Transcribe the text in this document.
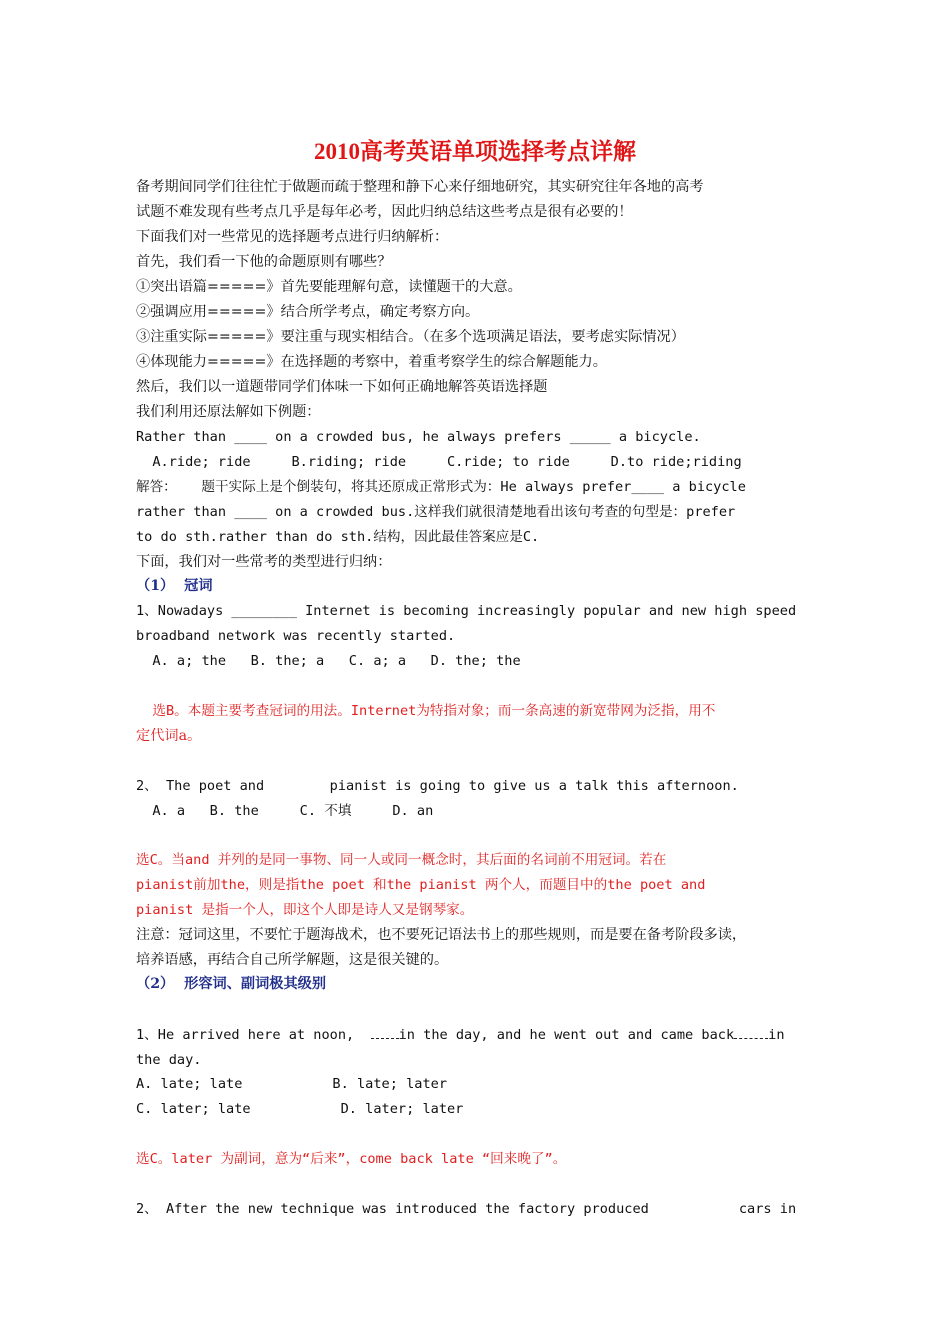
2010高考英语单项选择考点详解
备考期间同学们往往忙于做题而疏于整理和静下心来仔细地研究，其实研究往年各地的高考
试题不难发现有些考点几乎是每年必考，因此归纳总结这些考点是很有必要的！
下面我们对一些常见的选择题考点进行归纳解析：
首先，我们看一下他的命题原则有哪些？
①突出语篇=====》首先要能理解句意，读懂题干的大意。
②强调应用=====》结合所学考点，确定考察方向。
③注重实际=====》要注重与现实相结合。（在多个选项满足语法，要考虑实际情况）
④体现能力=====》在选择题的考察中，着重考察学生的综合解题能力。
然后，我们以一道题带同学们体味一下如何正确地解答英语选择题
我们利用还原法解如下例题：
Rather than ____ on a crowded bus, he always prefers _____ a bicycle.
A.ride; ride     B.riding; ride     C.ride; to ride     D.to ride;riding
解答：   题干实际上是个倒装句，将其还原成正常形式为：He always prefer____ a bicycle
rather than ____ on a crowded bus.这样我们就很清楚地看出该句考查的句型是：prefer
to do sth.rather than do sth.结构，因此最佳答案应是C.
下面，我们对一些常考的类型进行归纳：
（1）  冠词
1、Nowadays ________ Internet is becoming increasingly popular and new high speed
broadband network was recently started.
A. a; the   B. the; a   C. a; a   D. the; the
选B。本题主要考查冠词的用法。Internet为特指对象；而一条高速的新宽带网为泛指，用不
定代词a。
2、 The poet and        pianist is going to give us a talk this afternoon.
A. a   B. the     C. 不填     D. an
选C。当and 并列的是同一事物、同一人或同一概念时，其后面的名词前不用冠词。若在
pianist前加the，则是指the poet 和the pianist 两个人，而题目中的the poet and
pianist 是指一个人，即这个人即是诗人又是钢琴家。
注意：冠词这里，不要忙于题海战术，也不要死记语法书上的那些规则，而是要在备考阶段多读，
培养语感，再结合自己所学解题，这是很关键的。
（2）  形容词、副词极其级别
1、He arrived here at noon,  in the day, and he went out and came back	in
the day.
A. late; late           B. late; later
C. later; late           D. later; later
选C。later 为副词，意为“后来”，come back late “回来晚了”。
2、 After the new technique was introduced the factory produced           cars in
